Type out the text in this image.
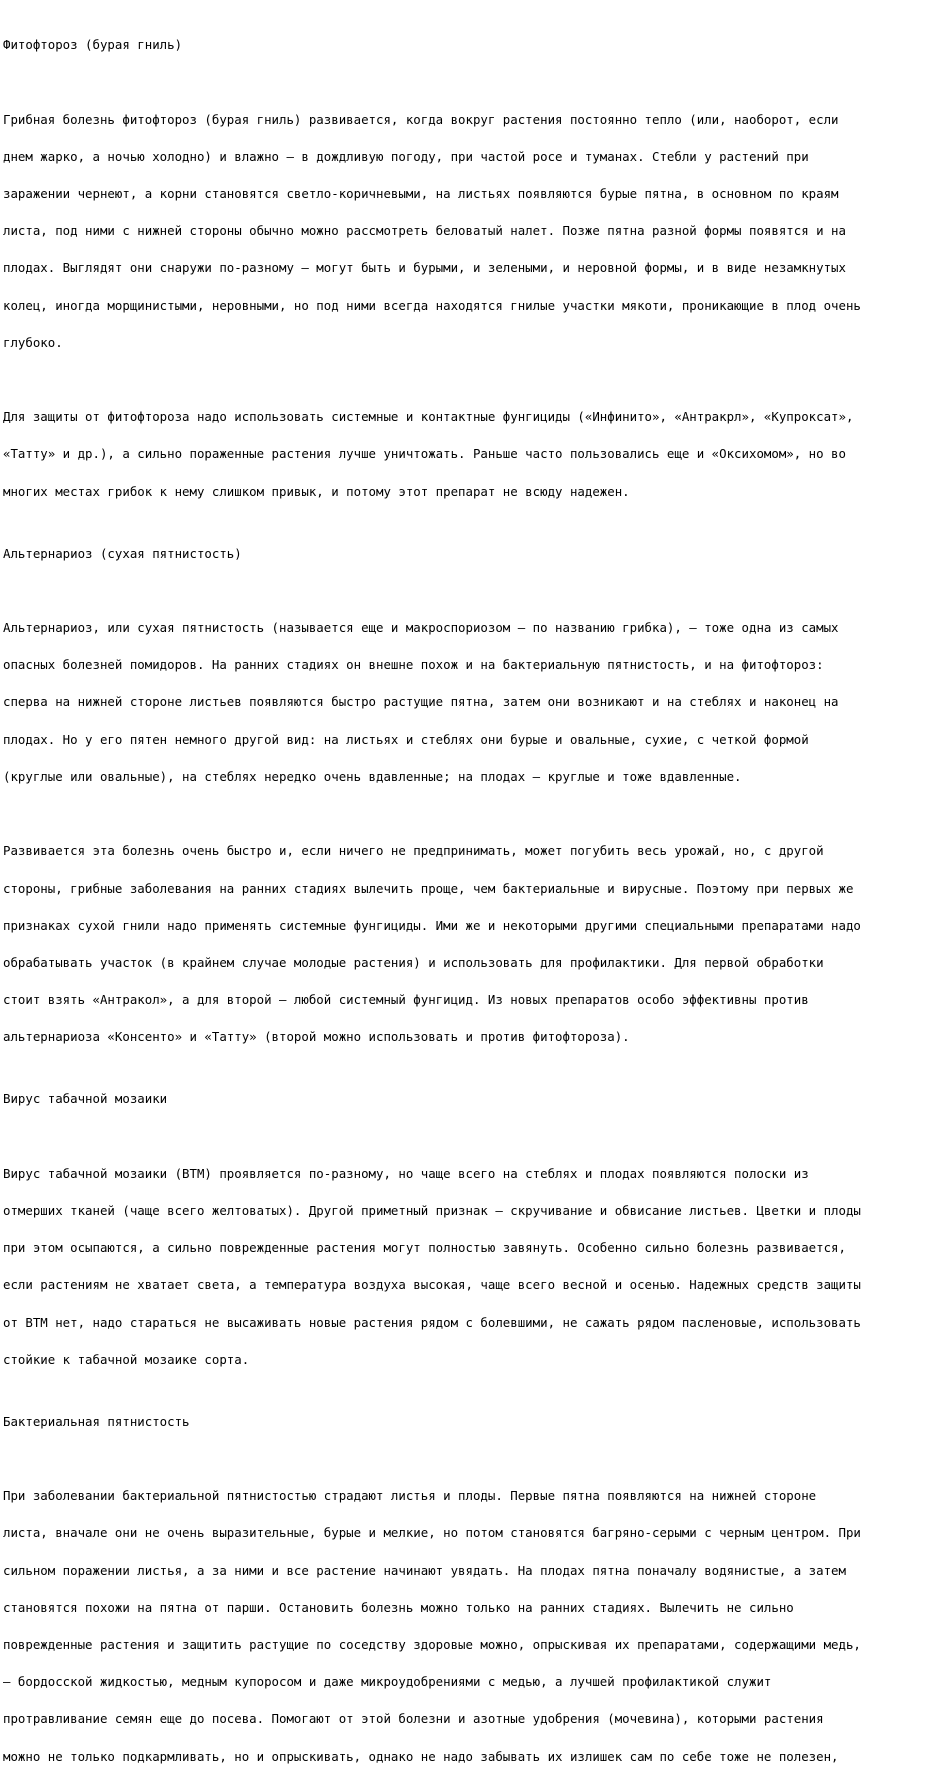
Фитофтороз (бурая гниль)

Грибная болезнь фитофтороз (бурая гниль) развивается, когда вокруг растения постоянно тепло (или, наоборот, если

днем жарко, а ночью холодно) и влажно – в дождливую погоду, при частой росе и туманах. Стебли у растений при

заражении чернеют, а корни становятся светло-коричневыми, на листьях появляются бурые пятна, в основном по краям

листа, под ними с нижней стороны обычно можно рассмотреть беловатый налет. Позже пятна разной формы появятся и на

плодах. Выглядят они снаружи по-разному – могут быть и бурыми, и зелеными, и неровной формы, и в виде незамкнутых

колец, иногда морщинистыми, неровными, но под ними всегда находятся гнилые участки мякоти, проникающие в плод очень

глубоко.

Для защиты от фитофтороза надо использовать системные и контактные фунгициды («Инфинито», «Антракрл», «Купроксат»,

«Татту» и др.), а сильно пораженные растения лучше уничтожать. Раньше часто пользовались еще и «Оксихомом», но во

многих местах грибок к нему слишком привык, и потому этот препарат не всюду надежен.

Альтернариоз (сухая пятнистость)

Альтернариоз, или сухая пятнистость (называется еще и макроспориозом – по названию грибка), – тоже одна из самых

опасных болезней помидоров. На ранних стадиях он внешне похож и на бактериальную пятнистость, и на фитофтороз:

сперва на нижней стороне листьев появляются быстро растущие пятна, затем они возникают и на стеблях и наконец на

плодах. Но у его пятен немного другой вид: на листьях и стеблях они бурые и овальные, сухие, с четкой формой

(круглые или овальные), на стеблях нередко очень вдавленные; на плодах – круглые и тоже вдавленные.

Развивается эта болезнь очень быстро и, если ничего не предпринимать, может погубить весь урожай, но, с другой

стороны, грибные заболевания на ранних стадиях вылечить проще, чем бактериальные и вирусные. Поэтому при первых же

признаках сухой гнили надо применять системные фунгициды. Ими же и некоторыми другими специальными препаратами надо

обрабатывать участок (в крайнем случае молодые растения) и использовать для профилактики. Для первой обработки

стоит взять «Антракол», а для второй – любой системный фунгицид. Из новых препаратов особо эффективны против

альтернариоза «Консенто» и «Татту» (второй можно использовать и против фитофтороза).

Вирус табачной мозаики

Вирус табачной мозаики (ВТМ) проявляется по-разному, но чаще всего на стеблях и плодах появляются полоски из

отмерших тканей (чаще всего желтоватых). Другой приметный признак – скручивание и обвисание листьев. Цветки и плоды

при этом осыпаются, а сильно поврежденные растения могут полностью завянуть. Особенно сильно болезнь развивается,

если растениям не хватает света, а температура воздуха высокая, чаще всего весной и осенью. Надежных средств защиты

от ВТМ нет, надо стараться не высаживать новые растения рядом с болевшими, не сажать рядом пасленовые, использовать

стойкие к табачной мозаике сорта.

Бактериальная пятнистость

При заболевании бактериальной пятнистостью страдают листья и плоды. Первые пятна появляются на нижней стороне

листа, вначале они не очень выразительные, бурые и мелкие, но потом становятся багряно-серыми с черным центром. При

сильном поражении листья, а за ними и все растение начинают увядать. На плодах пятна поначалу водянистые, а затем

становятся похожи на пятна от парши. Остановить болезнь можно только на ранних стадиях. Вылечить не сильно

поврежденные растения и защитить растущие по соседству здоровые можно, опрыскивая их препаратами, содержащими медь,

– бордосской жидкостью, медным купоросом и даже микроудобрениями с медью, а лучшей профилактикой служит

протравливание семян еще до посева. Помогают от этой болезни и азотные удобрения (мочевина), которыми растения

можно не только подкармливать, но и опрыскивать, однако не надо забывать их излишек сам по себе тоже не полезен,
